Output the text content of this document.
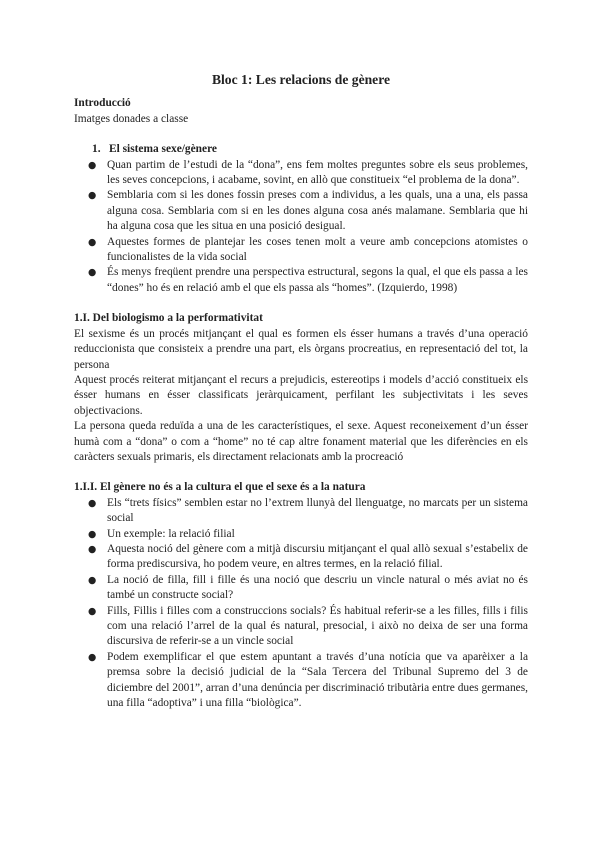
Bloc 1: Les relacions de gènere
Introducció
Imatges donades a classe
1. El sistema sexe/gènere
● Quan partim de l’estudi de la “dona”, ens fem moltes preguntes sobre els seus problemes, les seves concepcions, i acabame, sovint, en allò que constitueix “el problema de la dona”.
● Semblaria com si les dones fossin preses com a individus, a les quals, una a una, els passa alguna cosa. Semblaria com si en les dones alguna cosa anés malamane. Semblaria que hi ha alguna cosa que les situa en una posició desigual.
● Aquestes formes de plantejar les coses tenen molt a veure amb concepcions atomistes o funcionalistes de la vida social
● És menys freqüent prendre una perspectiva estructural, segons la qual, el que els passa a les “dones” ho és en relació amb el que els passa als “homes”. (Izquierdo, 1998)
1.I. Del biologismo a la performativitat

El sexisme és un procés mitjançant el qual es formen els ésser humans a través d’una operació reduccionista que consisteix a prendre una part, els òrgans procreatius, en representació del tot, la persona

Aquest procés reiterat mitjançant el recurs a prejudicis, estereotips i models d’acció constitueix els ésser humans en ésser classificats jeràrquicament, perfilant les subjectivitats i les seves objectivacions.

La persona queda reduïda a una de les característiques, el sexe. Aquest reconeixement d’un ésser humà com a “dona” o com a “home” no té cap altre fonament material que les diferències en els caràcters sexuals primaris, els directament relacionats amb la procreació

1.I.I. El gènere no és a la cultura el que el sexe és a la natura
● Els “trets físics” semblen estar no l’extrem llunyà del llenguatge, no marcats per un sistema social
● Un exemple: la relació filial
● Aquesta noció del gènere com a mitjà discursiu mitjançant el qual allò sexual s’estabelix de forma prediscursiva, ho podem veure, en altres termes, en la relació filial.
● La noció de filla, fill i fille és una noció que descriu un vincle natural o més aviat no és també un constructe social?
● Fills, Fillis i filles com a construccions socials? És habitual referir-se a les filles, fills i filis com una relació l’arrel de la qual és natural, presocial, i això no deixa de ser una forma discursiva de referir-se a un vincle social
● Podem exemplificar el que estem apuntant a través d’una notícia que va aparèixer a la premsa sobre la decisió judicial de la “Sala Tercera del Tribunal Supremo del 3 de diciembre del 2001”, arran d’una denúncia per discriminació tributària entre dues germanes, una filla “adoptiva” i una filla “biològica”.
